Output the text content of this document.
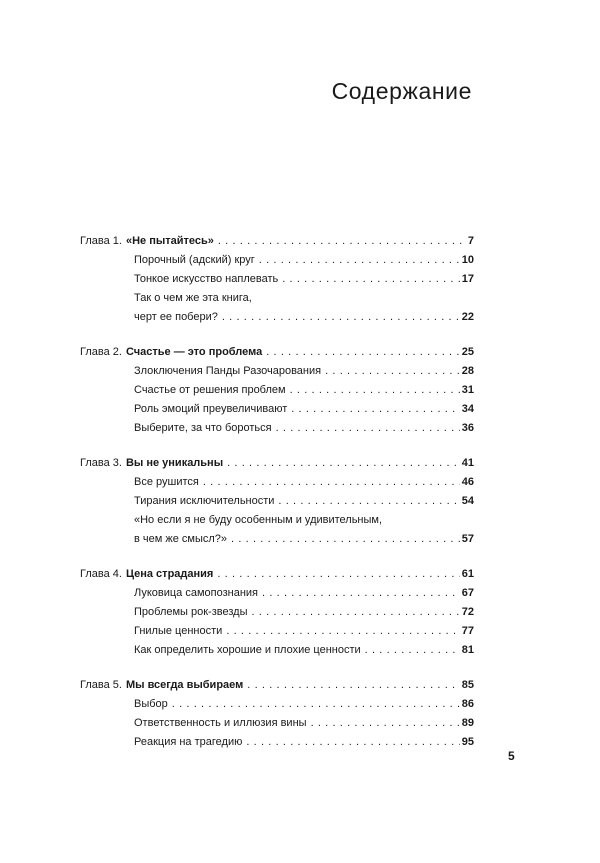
Содержание
Глава 1. «Не пытайтесь» . . .	7
Порочный (адский) круг . . .	10
Тонкое искусство наплевать . . .	17
Так о чем же эта книга,
черт ее побери? . . .	22
Глава 2. Счастье — это проблема . . .	25
Злоключения Панды Разочарования . . .	28
Счастье от решения проблем . . .	31
Роль эмоций преувеличивают . . .	34
Выберите, за что бороться . . .	36
Глава 3. Вы не уникальны . . .	41
Все рушится . . .	46
Тирания исключительности . . .	54
«Но если я не буду особенным и удивительным,
в чем же смысл?» . . .	57
Глава 4. Цена страдания . . .	61
Луковица самопознания . . .	67
Проблемы рок-звезды . . .	72
Гнилые ценности . . .	77
Как определить хорошие и плохие ценности . . .	81
Глава 5. Мы всегда выбираем . . .	85
Выбор . . .	86
Ответственность и иллюзия вины . . .	89
Реакция на трагедию . . .	95
5
